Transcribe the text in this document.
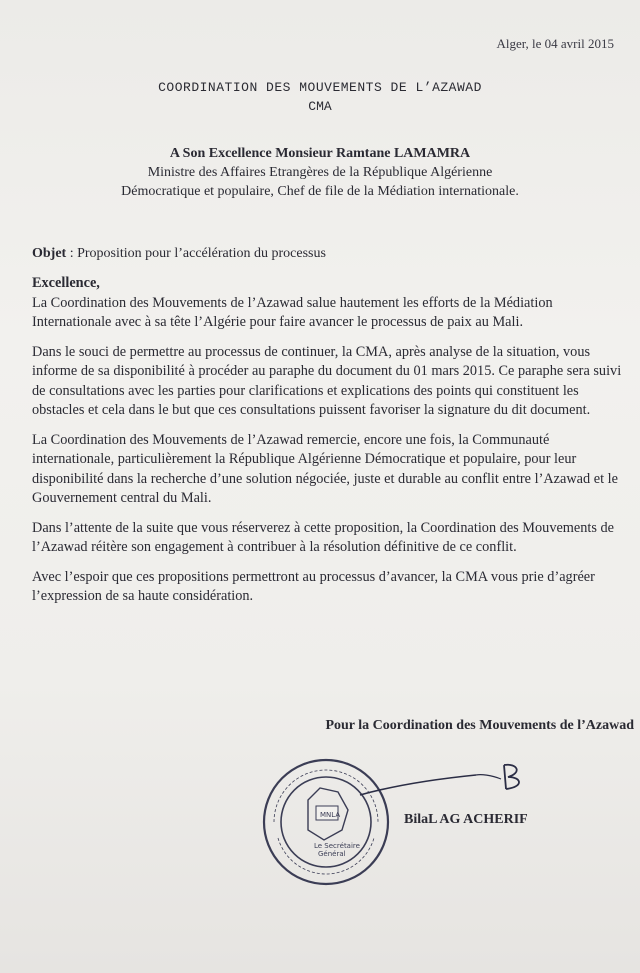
Alger, le 04 avril 2015
COORDINATION DES MOUVEMENTS DE L’AZAWAD
CMA
A Son Excellence Monsieur Ramtane LAMAMRA
Ministre des Affaires Etrangères de la République Algérienne
Démocratique et populaire, Chef de file de la Médiation internationale.
Objet : Proposition pour l’accélération du processus

Excellence,
La Coordination des Mouvements de l’Azawad salue hautement les efforts de la Médiation Internationale avec à sa tête l’Algérie pour faire avancer le processus de paix au Mali.

Dans le souci de permettre au processus de continuer, la CMA, après analyse de la situation, vous informe de sa disponibilité à procéder au paraphe du document du 01 mars 2015. Ce paraphe sera suivi de consultations avec les parties pour clarifications et explications des points qui constituent les obstacles et cela dans le but que ces consultations puissent favoriser la signature du dit document.

La Coordination des Mouvements de l’Azawad remercie, encore une fois, la Communauté internationale, particulièrement la République Algérienne Démocratique et populaire, pour leur disponibilité dans la recherche d’une solution négociée, juste et durable au conflit entre l’Azawad et le Gouvernement central du Mali.

Dans l’attente de la suite que vous réserverez à cette proposition, la Coordination des Mouvements de l’Azawad réitère son engagement à contribuer à la résolution définitive de ce conflit.

Avec l’espoir que ces propositions permettront au processus d’avancer, la CMA vous prie d’agréer l’expression de sa haute considération.

Pour la Coordination des Mouvements de l’Azawad
MNLA
Le Secrétaire
Général
BilaL AG ACHERIF
